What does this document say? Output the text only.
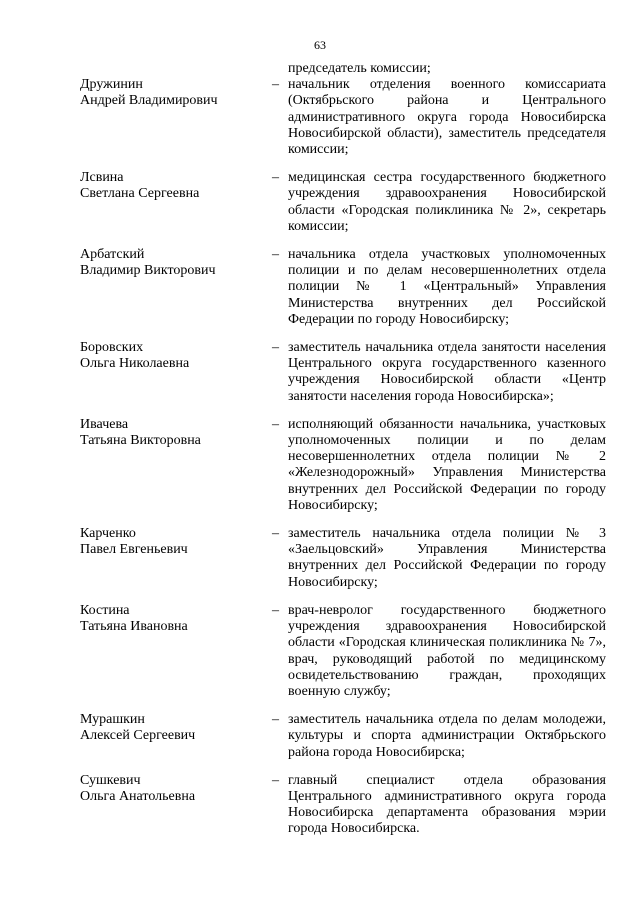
63
председатель комиссии;
Дружинин
Андрей Владимирович
– начальник отделения военного комиссариата (Октябрьского района и Центрального административного округа города Новосибирска Новосибирской области), заместитель председателя комиссии;
Лсвина
Светлана Сергеевна
– медицинская сестра государственного бюджетного учреждения здравоохранения Новосибирской области «Городская поликлиника № 2», секретарь комиссии;
Арбатский
Владимир Викторович
– начальника отдела участковых уполномоченных полиции и по делам несовершеннолетних отдела полиции № 1 «Центральный» Управления Министерства внутренних дел Российской Федерации по городу Новосибирску;
Боровских
Ольга Николаевна
– заместитель начальника отдела занятости населения Центрального округа государственного казенного учреждения Новосибирской области «Центр занятости населения города Новосибирска»;
Ивачева
Татьяна Викторовна
– исполняющий обязанности начальника, участковых уполномоченных полиции и по делам несовершеннолетних отдела полиции № 2 «Железнодорожный» Управления Министерства внутренних дел Российской Федерации по городу Новосибирску;
Карченко
Павел Евгеньевич
– заместитель начальника отдела полиции № 3 «Заельцовский» Управления Министерства внутренних дел Российской Федерации по городу Новосибирску;
Костина
Татьяна Ивановна
– врач-невролог государственного бюджетного учреждения здравоохранения Новосибирской области «Городская клиническая поликлиника № 7», врач, руководящий работой по медицинскому освидетельствованию граждан, проходящих военную службу;
Мурашкин
Алексей Сергеевич
– заместитель начальника отдела по делам молодежи, культуры и спорта администрации Октябрьского района города Новосибирска;
Сушкевич
Ольга Анатольевна
– главный специалист отдела образования Центрального административного округа города Новосибирска департамента образования мэрии города Новосибирска.
